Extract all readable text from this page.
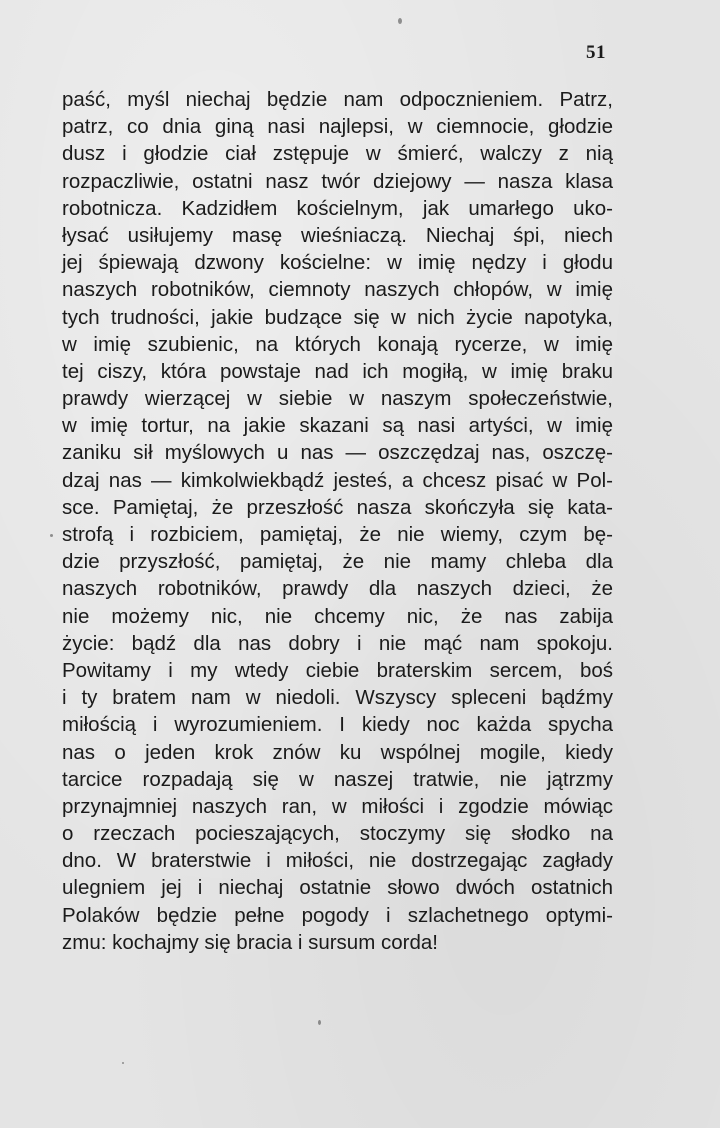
51
paść, myśl niechaj będzie nam odpocznieniem. Patrz,
patrz, co dnia giną nasi najlepsi, w ciemnocie, głodzie
dusz i głodzie ciał zstępuje w śmierć, walczy z nią
rozpaczliwie, ostatni nasz twór dziejowy — nasza klasa
robotnicza. Kadzidłem kościelnym, jak umarłego uko-
łysać usiłujemy masę wieśniaczą. Niechaj śpi, niech
jej śpiewają dzwony kościelne: w imię nędzy i głodu
naszych robotników, ciemnoty naszych chłopów, w imię
tych trudności, jakie budzące się w nich życie napotyka,
w imię szubienic, na których konają rycerze, w imię
tej ciszy, która powstaje nad ich mogiłą, w imię braku
prawdy wierzącej w siebie w naszym społeczeństwie,
w imię tortur, na jakie skazani są nasi artyści, w imię
zaniku sił myślowych u nas — oszczędzaj nas, oszczę-
dzaj nas — kimkolwiekbądź jesteś, a chcesz pisać w Pol-
sce. Pamiętaj, że przeszłość nasza skończyła się kata-
strofą i rozbiciem, pamiętaj, że nie wiemy, czym bę-
dzie przyszłość, pamiętaj, że nie mamy chleba dla
naszych robotników, prawdy dla naszych dzieci, że
nie możemy nic, nie chcemy nic, że nas zabija
życie: bądź dla nas dobry i nie mąć nam spokoju.
Powitamy i my wtedy ciebie braterskim sercem, boś
i ty bratem nam w niedoli. Wszyscy spleceni bądźmy
miłością i wyrozumieniem. I kiedy noc każda spycha
nas o jeden krok znów ku wspólnej mogile, kiedy
tarcice rozpadają się w naszej tratwie, nie jątrzmy
przynajmniej naszych ran, w miłości i zgodzie mówiąc
o rzeczach pocieszających, stoczymy się słodko na
dno. W braterstwie i miłości, nie dostrzegając zagłady
ulegniem jej i niechaj ostatnie słowo dwóch ostatnich
Polaków będzie pełne pogody i szlachetnego optymi-
zmu: kochajmy się bracia i sursum corda!
